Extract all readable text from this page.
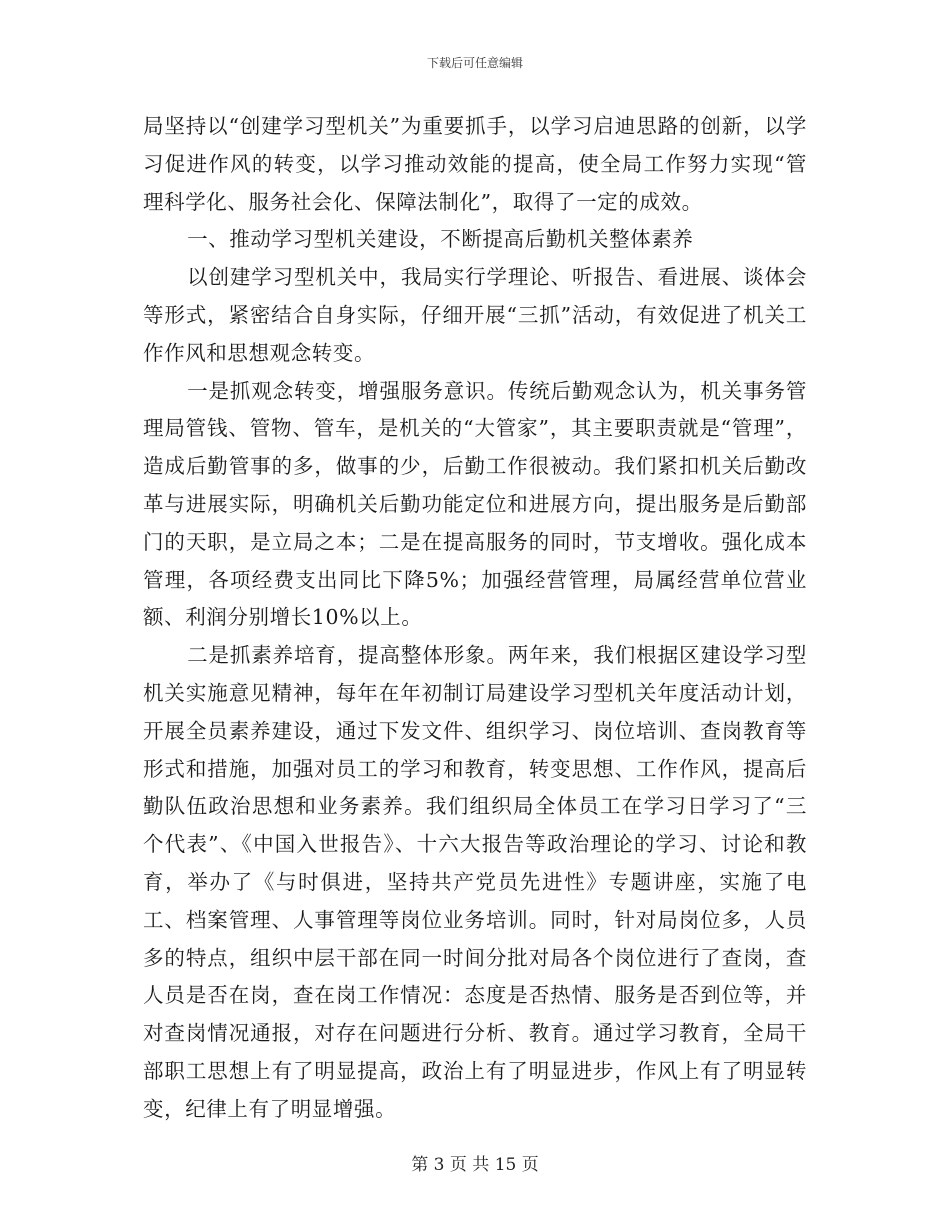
下载后可任意编辑

局坚持以“创建学习型机关”为重要抓手，以学习启迪思路的创新，以学习促进作风的转变，以学习推动效能的提高，使全局工作努力实现“管理科学化、服务社会化、保障法制化”，取得了一定的成效。

一、推动学习型机关建设，不断提高后勤机关整体素养

以创建学习型机关中，我局实行学理论、听报告、看进展、谈体会等形式，紧密结合自身实际，仔细开展“三抓”活动，有效促进了机关工作作风和思想观念转变。

一是抓观念转变，增强服务意识。传统后勤观念认为，机关事务管理局管钱、管物、管车，是机关的“大管家”，其主要职责就是“管理”，造成后勤管事的多，做事的少，后勤工作很被动。我们紧扣机关后勤改革与进展实际，明确机关后勤功能定位和进展方向，提出服务是后勤部门的天职，是立局之本；二是在提高服务的同时，节支增收。强化成本管理，各项经费支出同比下降5%；加强经营管理，局属经营单位营业额、利润分别增长10%以上。

二是抓素养培育，提高整体形象。两年来，我们根据区建设学习型机关实施意见精神，每年在年初制订局建设学习型机关年度活动计划，开展全员素养建设，通过下发文件、组织学习、岗位培训、查岗教育等形式和措施，加强对员工的学习和教育，转变思想、工作作风，提高后勤队伍政治思想和业务素养。我们组织局全体员工在学习日学习了“三个代表”、《中国入世报告》、十六大报告等政治理论的学习、讨论和教育，举办了《与时俱进，坚持共产党员先进性》专题讲座，实施了电工、档案管理、人事管理等岗位业务培训。同时，针对局岗位多，人员多的特点，组织中层干部在同一时间分批对局各个岗位进行了查岗，查人员是否在岗，查在岗工作情况：态度是否热情、服务是否到位等，并对查岗情况通报，对存在问题进行分析、教育。通过学习教育，全局干部职工思想上有了明显提高，政治上有了明显进步，作风上有了明显转变，纪律上有了明显增强。

第 3 页 共 15 页
